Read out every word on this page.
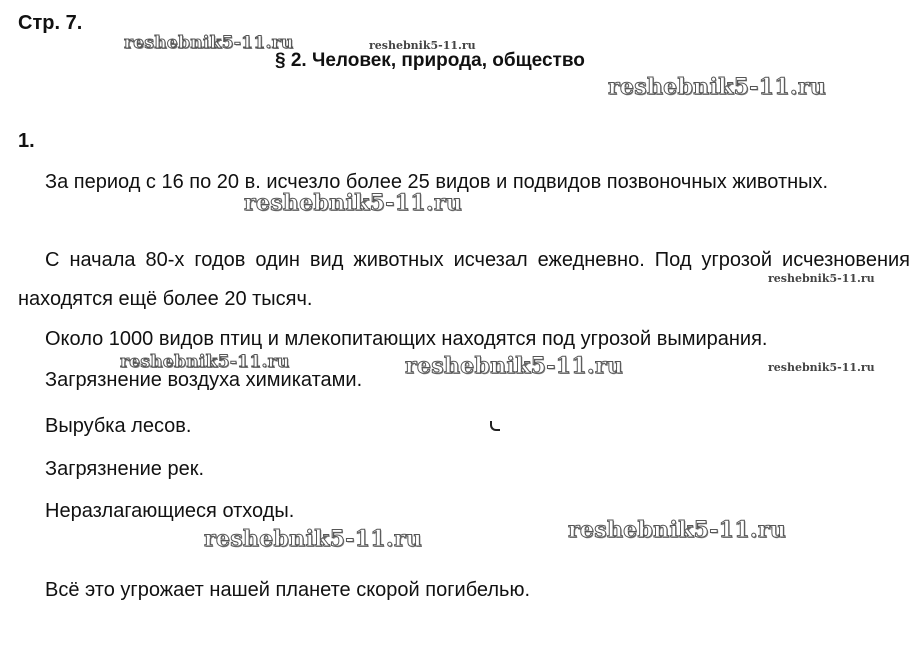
Стр. 7.
§ 2. Человек, природа, общество
1.

За период с 16 по 20 в. исчезло более 25 видов и подвидов позвоночных животных.

С начала 80-х годов один вид животных исчезал ежедневно. Под угрозой исчезновения находятся ещё более 20 тысяч.

Около 1000 видов птиц и млекопитающих находятся под угрозой вымирания.
Загрязнение воздуха химикатами.
Вырубка лесов.
Загрязнение рек.
Неразлагающиеся отходы.
Всё это угрожает нашей планете скорой погибелью.
reshebnik5-11.ru	reshebnik5-11.ru
reshebnik5-11.ru
reshebnik5-11.ru
reshebnik5-11.ru
reshebnik5-11.ru	reshebnik5-11.ru	reshebnik5-11.ru
reshebnik5-11.ru
reshebnik5-11.ru
